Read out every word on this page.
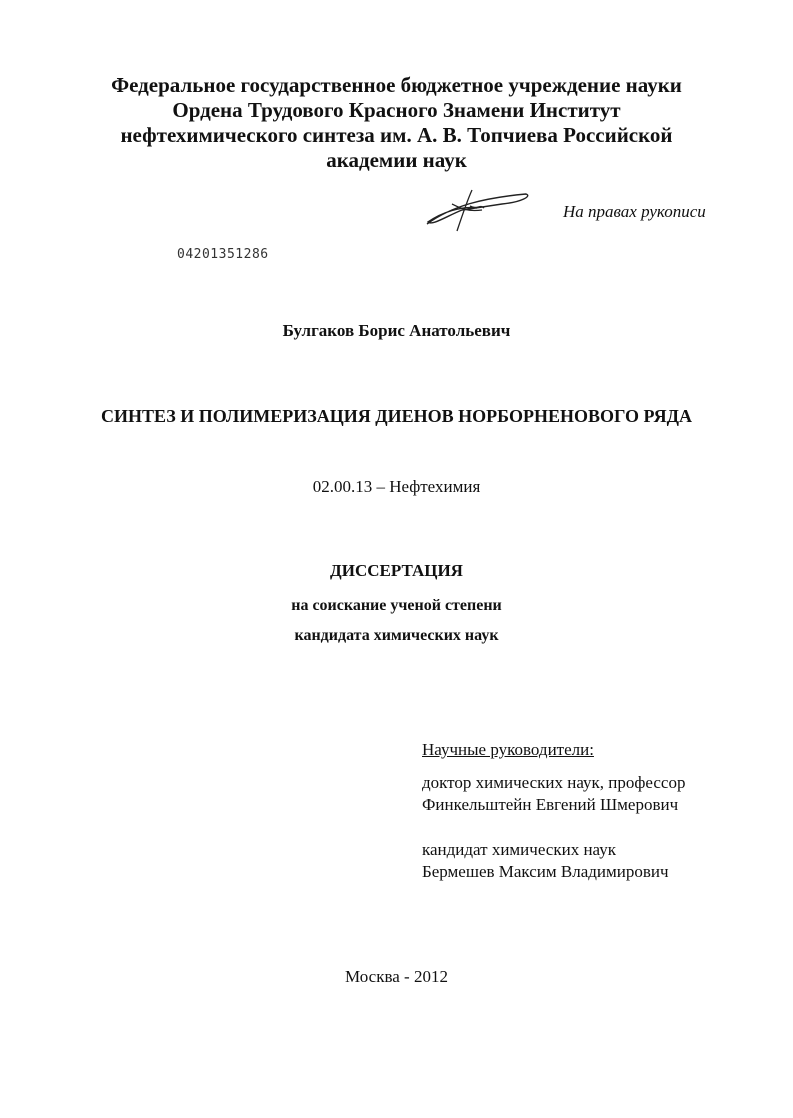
Федеральное государственное бюджетное учреждение науки
Ордена Трудового Красного Знамени Институт
нефтехимического синтеза им. А. В. Топчиева Российской
академии наук
На правах рукописи
04201351286
Булгаков Борис Анатольевич
СИНТЕЗ И ПОЛИМЕРИЗАЦИЯ ДИЕНОВ НОРБОРНЕНОВОГО РЯДА
02.00.13 – Нефтехимия
ДИССЕРТАЦИЯ
на соискание ученой степени
кандидата химических наук
Научные руководители:
доктор химических наук, профессор
Финкельштейн Евгений Шмерович
кандидат химических наук
Бермешев Максим Владимирович
Москва - 2012
